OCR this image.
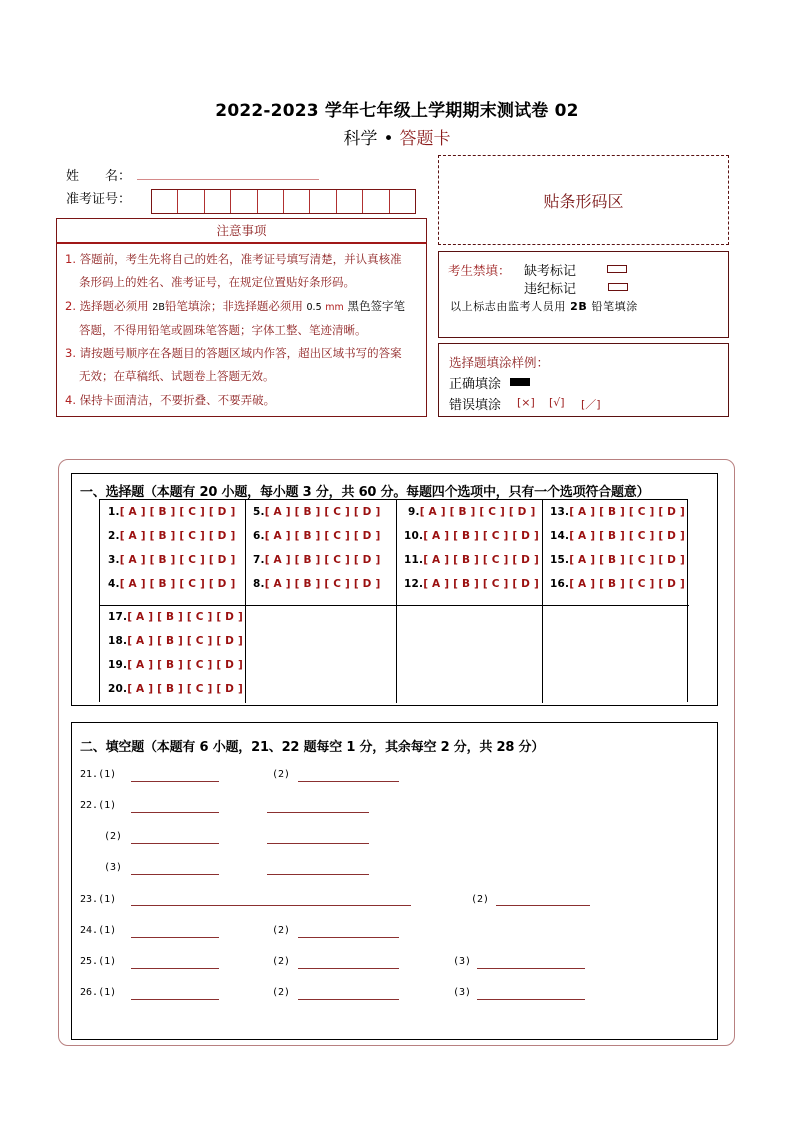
2022-2023 学年七年级上学期期末测试卷 02
科学 • 答题卡
姓　　名：
准考证号：
注意事项
1. 答题前，考生先将自己的姓名，准考证号填写清楚，并认真核准
条形码上的姓名、准考证号，在规定位置贴好条形码。
2. 选择题必须用 2B铅笔填涂；非选择题必须用 0.5 mm 黑色签字笔
答题，不得用铅笔或圆珠笔答题；字体工整、笔迹清晰。
3. 请按题号顺序在各题目的答题区域内作答，超出区域书写的答案
无效；在草稿纸、试题卷上答题无效。
4. 保持卡面清洁，不要折叠、不要弄破。
贴条形码区
考生禁填： 缺考标记
违纪标记
以上标志由监考人员用 2B 铅笔填涂
选择题填涂样例：
正确填涂
错误填涂 [×] [√] [／]
一、选择题（本题有 20 小题，每小题 3 分，共 60 分。每题四个选项中，只有一个选项符合题意）
1.[ A ] [ B ] [ C ] [ D ]
2.[ A ] [ B ] [ C ] [ D ]
3.[ A ] [ B ] [ C ] [ D ]
4.[ A ] [ B ] [ C ] [ D ]
5.[ A ] [ B ] [ C ] [ D ]
6.[ A ] [ B ] [ C ] [ D ]
7.[ A ] [ B ] [ C ] [ D ]
8.[ A ] [ B ] [ C ] [ D ]
9.[ A ] [ B ] [ C ] [ D ]
10.[ A ] [ B ] [ C ] [ D ]
11.[ A ] [ B ] [ C ] [ D ]
12.[ A ] [ B ] [ C ] [ D ]
13.[ A ] [ B ] [ C ] [ D ]
14.[ A ] [ B ] [ C ] [ D ]
15.[ A ] [ B ] [ C ] [ D ]
16.[ A ] [ B ] [ C ] [ D ]
17.[ A ] [ B ] [ C ] [ D ]
18.[ A ] [ B ] [ C ] [ D ]
19.[ A ] [ B ] [ C ] [ D ]
20.[ A ] [ B ] [ C ] [ D ]
二、填空题（本题有 6 小题，21、22 题每空 1 分，其余每空 2 分，共 28 分）
21.(1)	(2)
22.(1)
(2)
(3)
23.(1)	(2)
24.(1)	(2)
25.(1)	(2)	(3)
26.(1)	(2)	(3)
